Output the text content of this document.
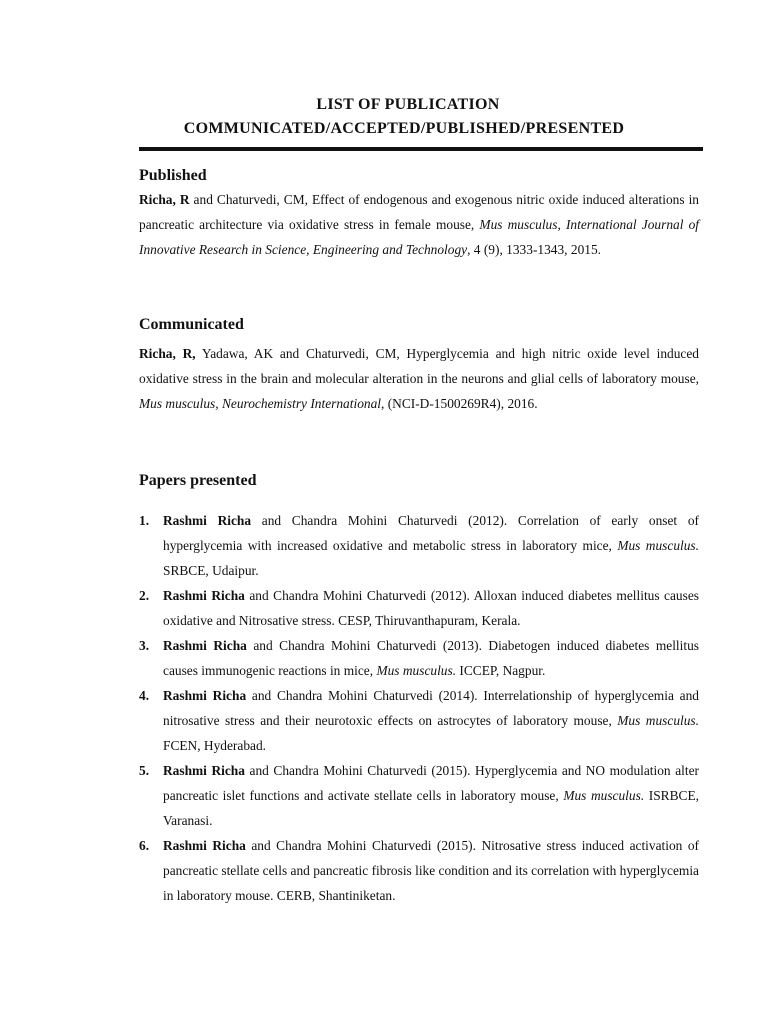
LIST OF PUBLICATION
COMMUNICATED/ACCEPTED/PUBLISHED/PRESENTED
Published
Richa, R and Chaturvedi, CM, Effect of endogenous and exogenous nitric oxide induced alterations in pancreatic architecture via oxidative stress in female mouse, Mus musculus, International Journal of Innovative Research in Science, Engineering and Technology, 4 (9), 1333-1343, 2015.
Communicated
Richa, R, Yadawa, AK and Chaturvedi, CM, Hyperglycemia and high nitric oxide level induced oxidative stress in the brain and molecular alteration in the neurons and glial cells of laboratory mouse, Mus musculus, Neurochemistry International, (NCI-D-1500269R4), 2016.
Papers presented
1. Rashmi Richa and Chandra Mohini Chaturvedi (2012). Correlation of early onset of hyperglycemia with increased oxidative and metabolic stress in laboratory mice, Mus musculus. SRBCE, Udaipur.
2. Rashmi Richa and Chandra Mohini Chaturvedi (2012). Alloxan induced diabetes mellitus causes oxidative and Nitrosative stress. CESP, Thiruvanthapuram, Kerala.
3. Rashmi Richa and Chandra Mohini Chaturvedi (2013). Diabetogen induced diabetes mellitus causes immunogenic reactions in mice, Mus musculus. ICCEP, Nagpur.
4. Rashmi Richa and Chandra Mohini Chaturvedi (2014). Interrelationship of hyperglycemia and nitrosative stress and their neurotoxic effects on astrocytes of laboratory mouse, Mus musculus. FCEN, Hyderabad.
5. Rashmi Richa and Chandra Mohini Chaturvedi (2015). Hyperglycemia and NO modulation alter pancreatic islet functions and activate stellate cells in laboratory mouse, Mus musculus. ISRBCE, Varanasi.
6. Rashmi Richa and Chandra Mohini Chaturvedi (2015). Nitrosative stress induced activation of pancreatic stellate cells and pancreatic fibrosis like condition and its correlation with hyperglycemia in laboratory mouse. CERB, Shantiniketan.
